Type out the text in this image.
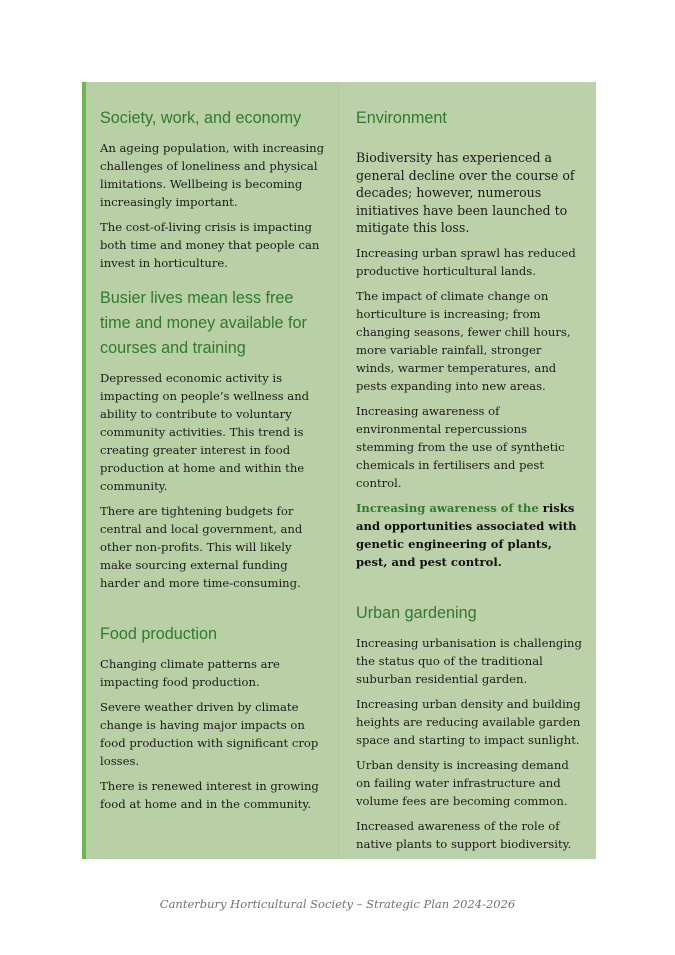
Society, work, and economy

An ageing population, with increasing challenges of loneliness and physical limitations. Wellbeing is becoming increasingly important.

The cost-of-living crisis is impacting both time and money that people can invest in horticulture.

Busier lives mean less free time and money available for courses and training

Depressed economic activity is impacting on people’s wellness and ability to contribute to voluntary community activities. This trend is creating greater interest in food production at home and within the community.

There are tightening budgets for central and local government, and other non-profits. This will likely make sourcing external funding harder and more time-consuming.

Food production

Changing climate patterns are impacting food production.

Severe weather driven by climate change is having major impacts on food production with significant crop losses.

There is renewed interest in growing food at home and in the community.

Environment

Biodiversity has experienced a general decline over the course of decades; however, numerous initiatives have been launched to mitigate this loss.

Increasing urban sprawl has reduced productive horticultural lands.

The impact of climate change on horticulture is increasing; from changing seasons, fewer chill hours, more variable rainfall, stronger winds, warmer temperatures, and pests expanding into new areas.

Increasing awareness of environmental repercussions stemming from the use of synthetic chemicals in fertilisers and pest control.

Increasing awareness of the risks and opportunities associated with genetic engineering of plants, pest, and pest control.

Urban gardening

Increasing urbanisation is challenging the status quo of the traditional suburban residential garden.

Increasing urban density and building heights are reducing available garden space and starting to impact sunlight.

Urban density is increasing demand on failing water infrastructure and volume fees are becoming common.

Increased awareness of the role of native plants to support biodiversity.

Canterbury Horticultural Society – Strategic Plan 2024-2026
